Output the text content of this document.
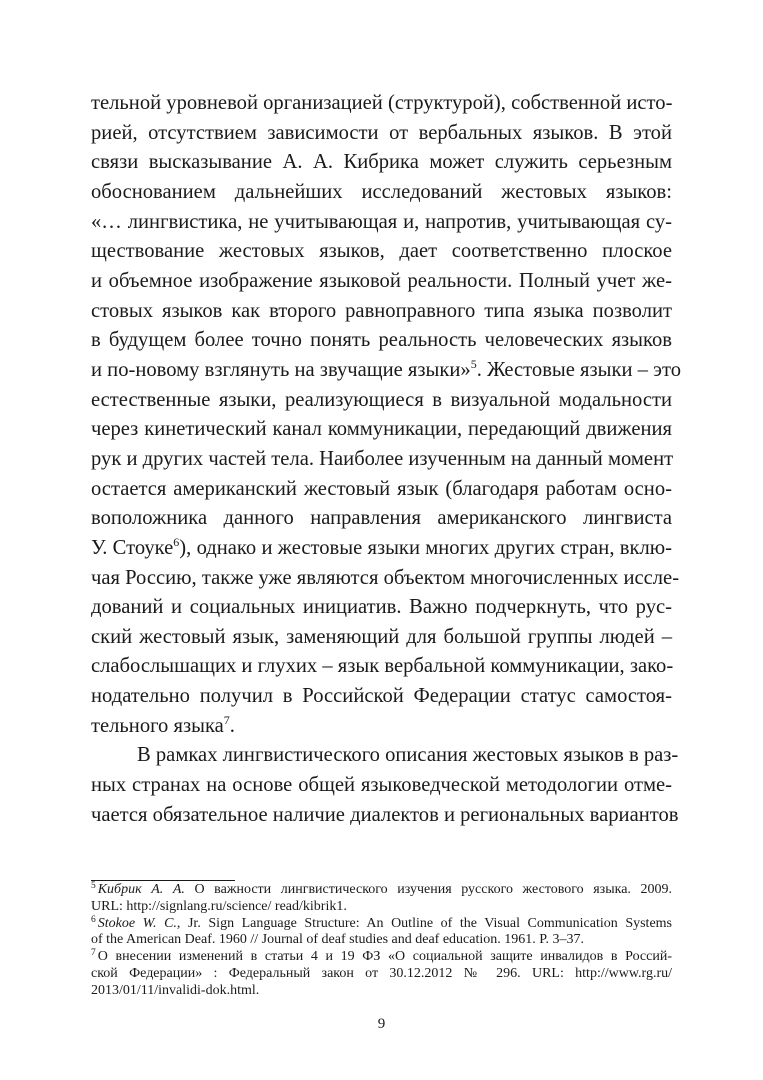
тельной уровневой организацией (структурой), собственной исто-
рией, отсутствием зависимости от вербальных языков. В этой
связи высказывание А. А. Кибрика может служить серьезным
обоснованием дальнейших исследований жестовых языков:
«… лингвистика, не учитывающая и, напротив, учитывающая су-
ществование жестовых языков, дает соответственно плоское
и объемное изображение языковой реальности. Полный учет же-
стовых языков как второго равноправного типа языка позволит
в будущем более точно понять реальность человеческих языков
и по-новому взглянуть на звучащие языки»$^5$. Жестовые языки – это
естественные языки, реализующиеся в визуальной модальности
через кинетический канал коммуникации, передающий движения
рук и других частей тела. Наиболее изученным на данный момент
остается американский жестовый язык (благодаря работам осно-
воположника данного направления американского лингвиста
У. Стоуке$^6$), однако и жестовые языки многих других стран, вклю-
чая Россию, также уже являются объектом многочисленных иссле-
дований и социальных инициатив. Важно подчеркнуть, что рус-
ский жестовый язык, заменяющий для большой группы людей –
слабослышащих и глухих – язык вербальной коммуникации, зако-
нодательно получил в Российской Федерации статус самостоя-
тельного языка$^7$.
В рамках лингвистического описания жестовых языков в раз-
ных странах на основе общей языковедческой методологии отме-
чается обязательное наличие диалектов и региональных вариантов
$^5$ Кибрик А. А. О важности лингвистического изучения русского жестового языка. 2009.
URL: http://signlang.ru/science/ read/kibrik1.
$^6$ Stokoe W. C., Jr. Sign Language Structure: An Outline of the Visual Communication Systems
of the American Deaf. 1960 // Journal of deaf studies and deaf education. 1961. P. 3–37.
$^7$ О внесении изменений в статьи 4 и 19 ФЗ «О социальной защите инвалидов в Россий-
ской Федерации» : Федеральный закон от 30.12.2012 № 296. URL: http://www.rg.ru/
2013/01/11/invalidi-dok.html.
9
